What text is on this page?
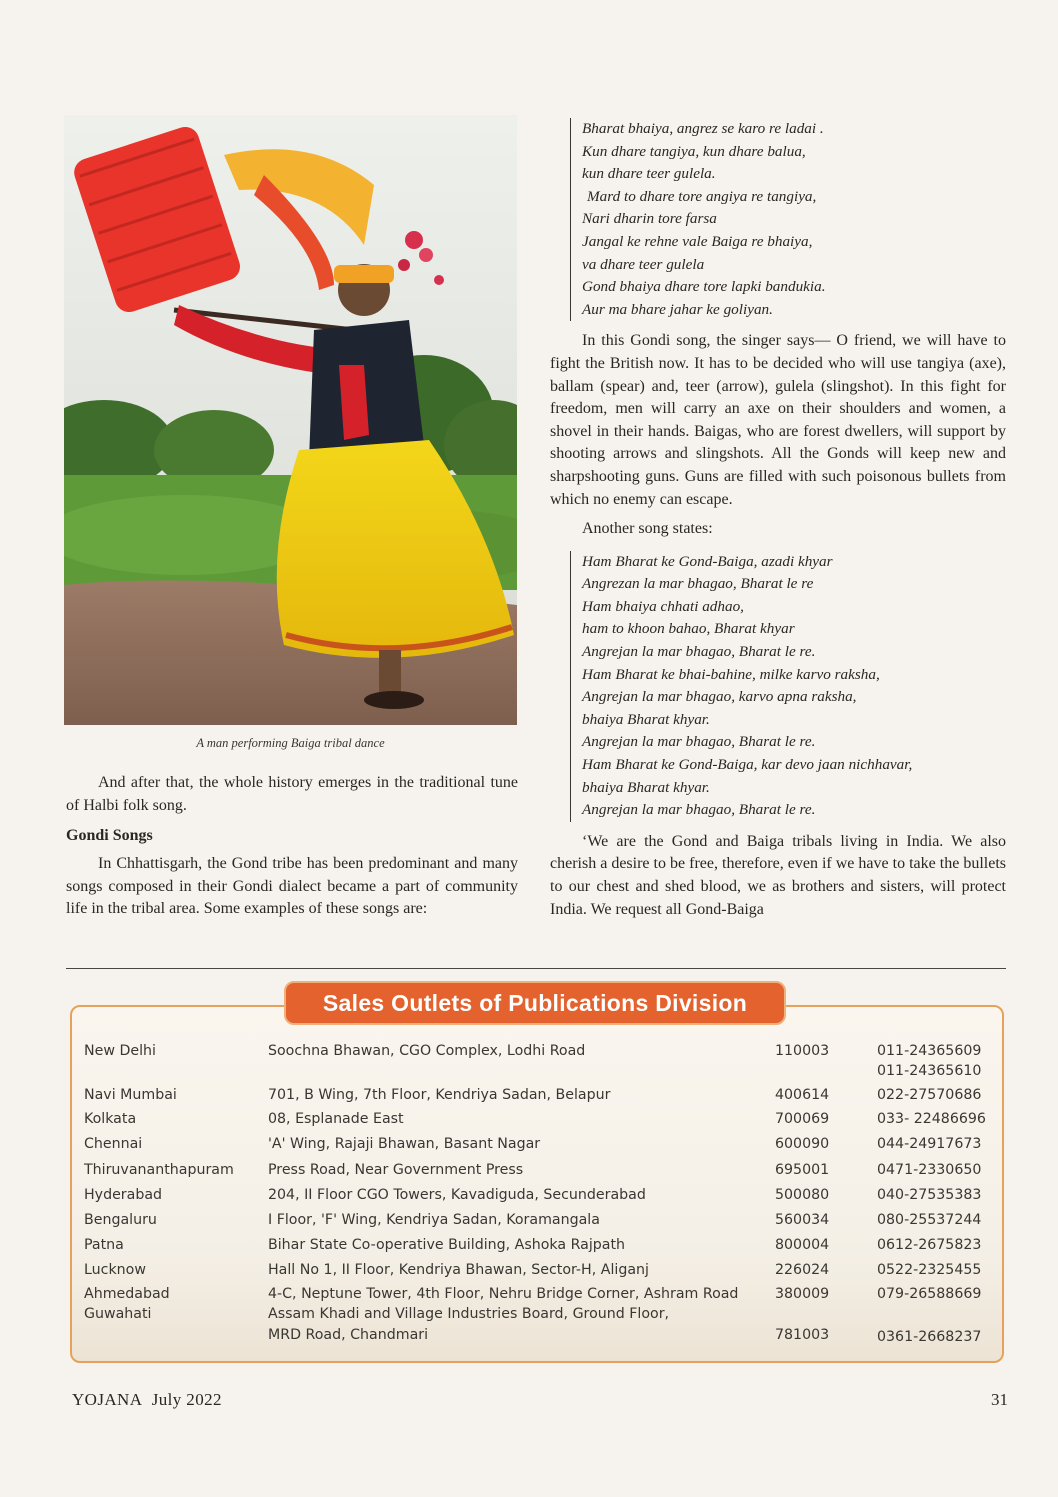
A man performing Baiga tribal dance

And after that, the whole history emerges in the traditional tune of Halbi folk song.

Gondi Songs

In Chhattisgarh, the Gond tribe has been predominant and many songs composed in their Gondi dialect became a part of community life in the tribal area. Some examples of these songs are:

Bharat bhaiya, angrez se karo re ladai .
Kun dhare tangiya, kun dhare balua,
kun dhare teer gulela.
Mard to dhare tore angiya re tangiya,
Nari dharin tore farsa
Jangal ke rehne vale Baiga re bhaiya,
va dhare teer gulela
Gond bhaiya dhare tore lapki bandukia.
Aur ma bhare jahar ke goliyan.

In this Gondi song, the singer says— O friend, we will have to fight the British now. It has to be decided who will use tangiya (axe), ballam (spear) and, teer (arrow), gulela (slingshot). In this fight for freedom, men will carry an axe on their shoulders and women, a shovel in their hands. Baigas, who are forest dwellers, will support by shooting arrows and slingshots. All the Gonds will keep new and sharpshooting guns. Guns are filled with such poisonous bullets from which no enemy can escape.

Another song states:

Ham Bharat ke Gond-Baiga, azadi khyar
Angrezan la mar bhagao, Bharat le re
Ham bhaiya chhati adhao,
ham to khoon bahao, Bharat khyar
Angrejan la mar bhagao, Bharat le re.
Ham Bharat ke bhai-bahine, milke karvo raksha,
Angrejan la mar bhagao, karvo apna raksha,
bhaiya Bharat khyar.
Angrejan la mar bhagao, Bharat le re.
Ham Bharat ke Gond-Baiga, kar devo jaan nichhavar,
bhaiya Bharat khyar.
Angrejan la mar bhagao, Bharat le re.

‘We are the Gond and Baiga tribals living in India. We also cherish a desire to be free, therefore, even if we have to take the bullets to our chest and shed blood, we as brothers and sisters, will protect India. We request all Gond-Baiga

New Delhi	Soochna Bhawan, CGO Complex, Lodhi Road	110003	011-24365609
011-24365610
Navi Mumbai	701, B Wing, 7th Floor, Kendriya Sadan, Belapur	400614	022-27570686
Kolkata	08, Esplanade East	700069	033- 22486696
Chennai	'A' Wing, Rajaji Bhawan, Basant Nagar	600090	044-24917673
Thiruvananthapuram Press Road, Near Government Press	695001	0471-2330650
Hyderabad	204, II Floor CGO Towers, Kavadiguda, Secunderabad	500080	040-27535383
Bengaluru	I Floor, 'F' Wing, Kendriya Sadan, Koramangala	560034	080-25537244
Patna	Bihar State Co-operative Building, Ashoka Rajpath	800004	0612-2675823
Lucknow	Hall No 1, II Floor, Kendriya Bhawan, Sector-H, Aliganj	226024	0522-2325455
Ahmedabad	4-C, Neptune Tower, 4th Floor, Nehru Bridge Corner, Ashram Road	380009	079-26588669
Guwahati	Assam Khadi and Village Industries Board, Ground Floor,
MRD Road, Chandmari	781003	0361-2668237
Sales Outlets of Publications Division
YOJANA July 2022	31
